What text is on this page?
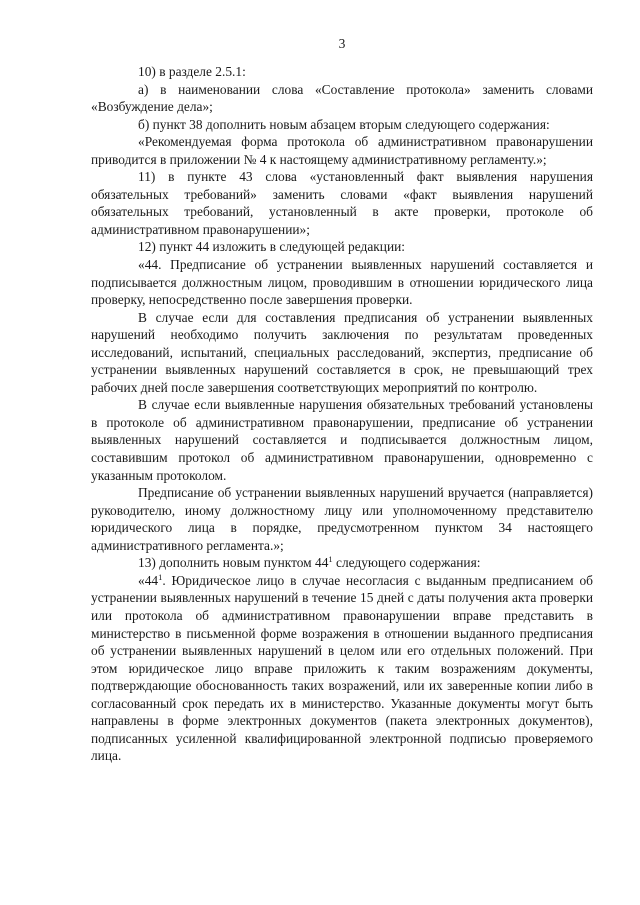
3

10) в разделе 2.5.1:

а) в наименовании слова «Составление протокола» заменить словами «Возбуждение дела»;

б) пункт 38 дополнить новым абзацем вторым следующего содержания:

«Рекомендуемая форма протокола об административном правонарушении приводится в приложении № 4 к настоящему административному регламенту.»;

11) в пункте 43 слова «установленный факт выявления нарушения обязательных требований» заменить словами «факт выявления нарушений обязательных требований, установленный в акте проверки, протоколе об административном правонарушении»;

12) пункт 44 изложить в следующей редакции:

«44. Предписание об устранении выявленных нарушений составляется и подписывается должностным лицом, проводившим в отношении юридического лица проверку, непосредственно после завершения проверки.

В случае если для составления предписания об устранении выявленных нарушений необходимо получить заключения по результатам проведенных исследований, испытаний, специальных расследований, экспертиз, предписание об устранении выявленных нарушений составляется в срок, не превышающий трех рабочих дней после завершения соответствующих мероприятий по контролю.

В случае если выявленные нарушения обязательных требований установлены в протоколе об административном правонарушении, предписание об устранении выявленных нарушений составляется и подписывается должностным лицом, составившим протокол об административном правонарушении, одновременно с указанным протоколом.

Предписание об устранении выявленных нарушений вручается (направляется) руководителю, иному должностному лицу или уполномоченному представителю юридического лица в порядке, предусмотренном пунктом 34 настоящего административного регламента.»;

13) дополнить новым пунктом $44^1$ следующего содержания:

«$44^1$. Юридическое лицо в случае несогласия с выданным предписанием об устранении выявленных нарушений в течение 15 дней с даты получения акта проверки или протокола об административном правонарушении вправе представить в министерство в письменной форме возражения в отношении выданного предписания об устранении выявленных нарушений в целом или его отдельных положений. При этом юридическое лицо вправе приложить к таким возражениям документы, подтверждающие обоснованность таких возражений, или их заверенные копии либо в согласованный срок передать их в министерство. Указанные документы могут быть направлены в форме электронных документов (пакета электронных документов), подписанных усиленной квалифицированной электронной подписью проверяемого лица.
